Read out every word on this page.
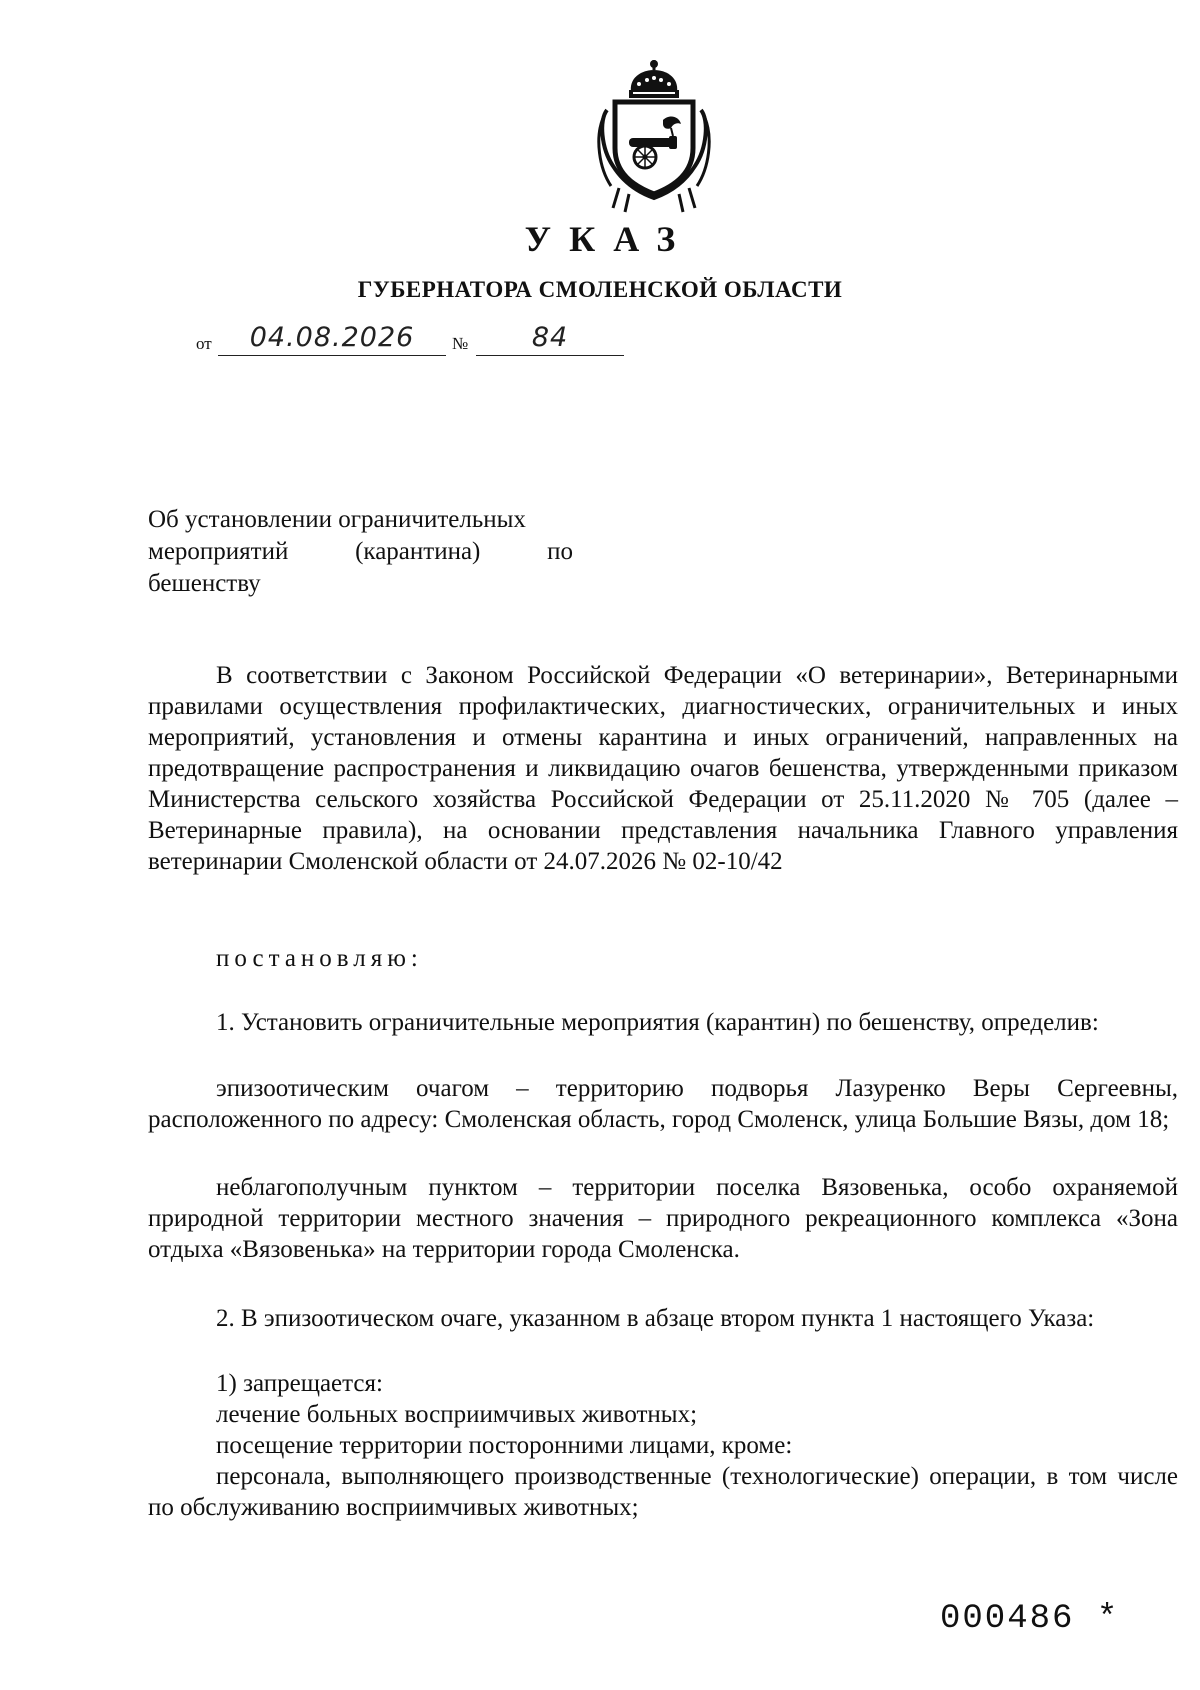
УКАЗ
ГУБЕРНАТОРА СМОЛЕНСКОЙ ОБЛАСТИ
от	04.08.2026	№	84
Об установлении ограничительных
мероприятий (карантина) по
бешенству

В соответствии с Законом Российской Федерации «О ветеринарии», Ветеринарными правилами осуществления профилактических, диагностических, ограничительных и иных мероприятий, установления и отмены карантина и иных ограничений, направленных на предотвращение распространения и ликвидацию очагов бешенства, утвержденными приказом Министерства сельского хозяйства Российской Федерации от 25.11.2020 № 705 (далее – Ветеринарные правила), на основании представления начальника Главного управления ветеринарии Смоленской области от 24.07.2026 № 02-10/42

постановляю:

1. Установить ограничительные мероприятия (карантин) по бешенству, определив:

эпизоотическим очагом – территорию подворья Лазуренко Веры Сергеевны, расположенного по адресу: Смоленская область, город Смоленск, улица Большие Вязы, дом 18;

неблагополучным пунктом – территории поселка Вязовенька, особо охраняемой природной территории местного значения – природного рекреационного комплекса «Зона отдыха «Вязовенька» на территории города Смоленска.

2. В эпизоотическом очаге, указанном в абзаце втором пункта 1 настоящего Указа:

1) запрещается:

лечение больных восприимчивых животных;

посещение территории посторонними лицами, кроме:

персонала, выполняющего производственные (технологические) операции, в том числе по обслуживанию восприимчивых животных;

000486 *
